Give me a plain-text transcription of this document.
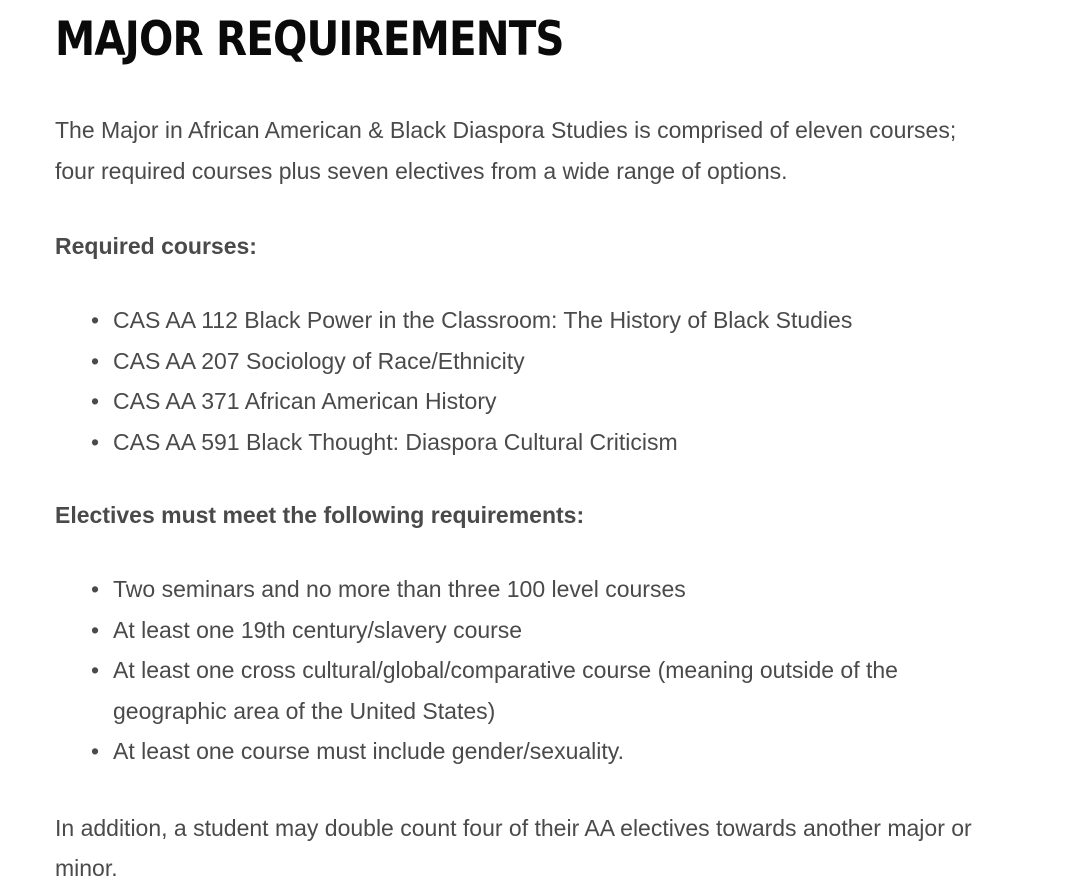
MAJOR REQUIREMENTS

The Major in African American & Black Diaspora Studies is comprised of eleven courses;

four required courses plus seven electives from a wide range of options.

Required courses:

• CAS AA 112 Black Power in the Classroom: The History of Black Studies
• CAS AA 207 Sociology of Race/Ethnicity
• CAS AA 371 African American History
• CAS AA 591 Black Thought: Diaspora Cultural Criticism

Electives must meet the following requirements:

• Two seminars and no more than three 100 level courses
• At least one 19th century/slavery course
• At least one cross cultural/global/comparative course (meaning outside of the
geographic area of the United States)
• At least one course must include gender/sexuality.

In addition, a student may double count four of their AA electives towards another major or

minor.
